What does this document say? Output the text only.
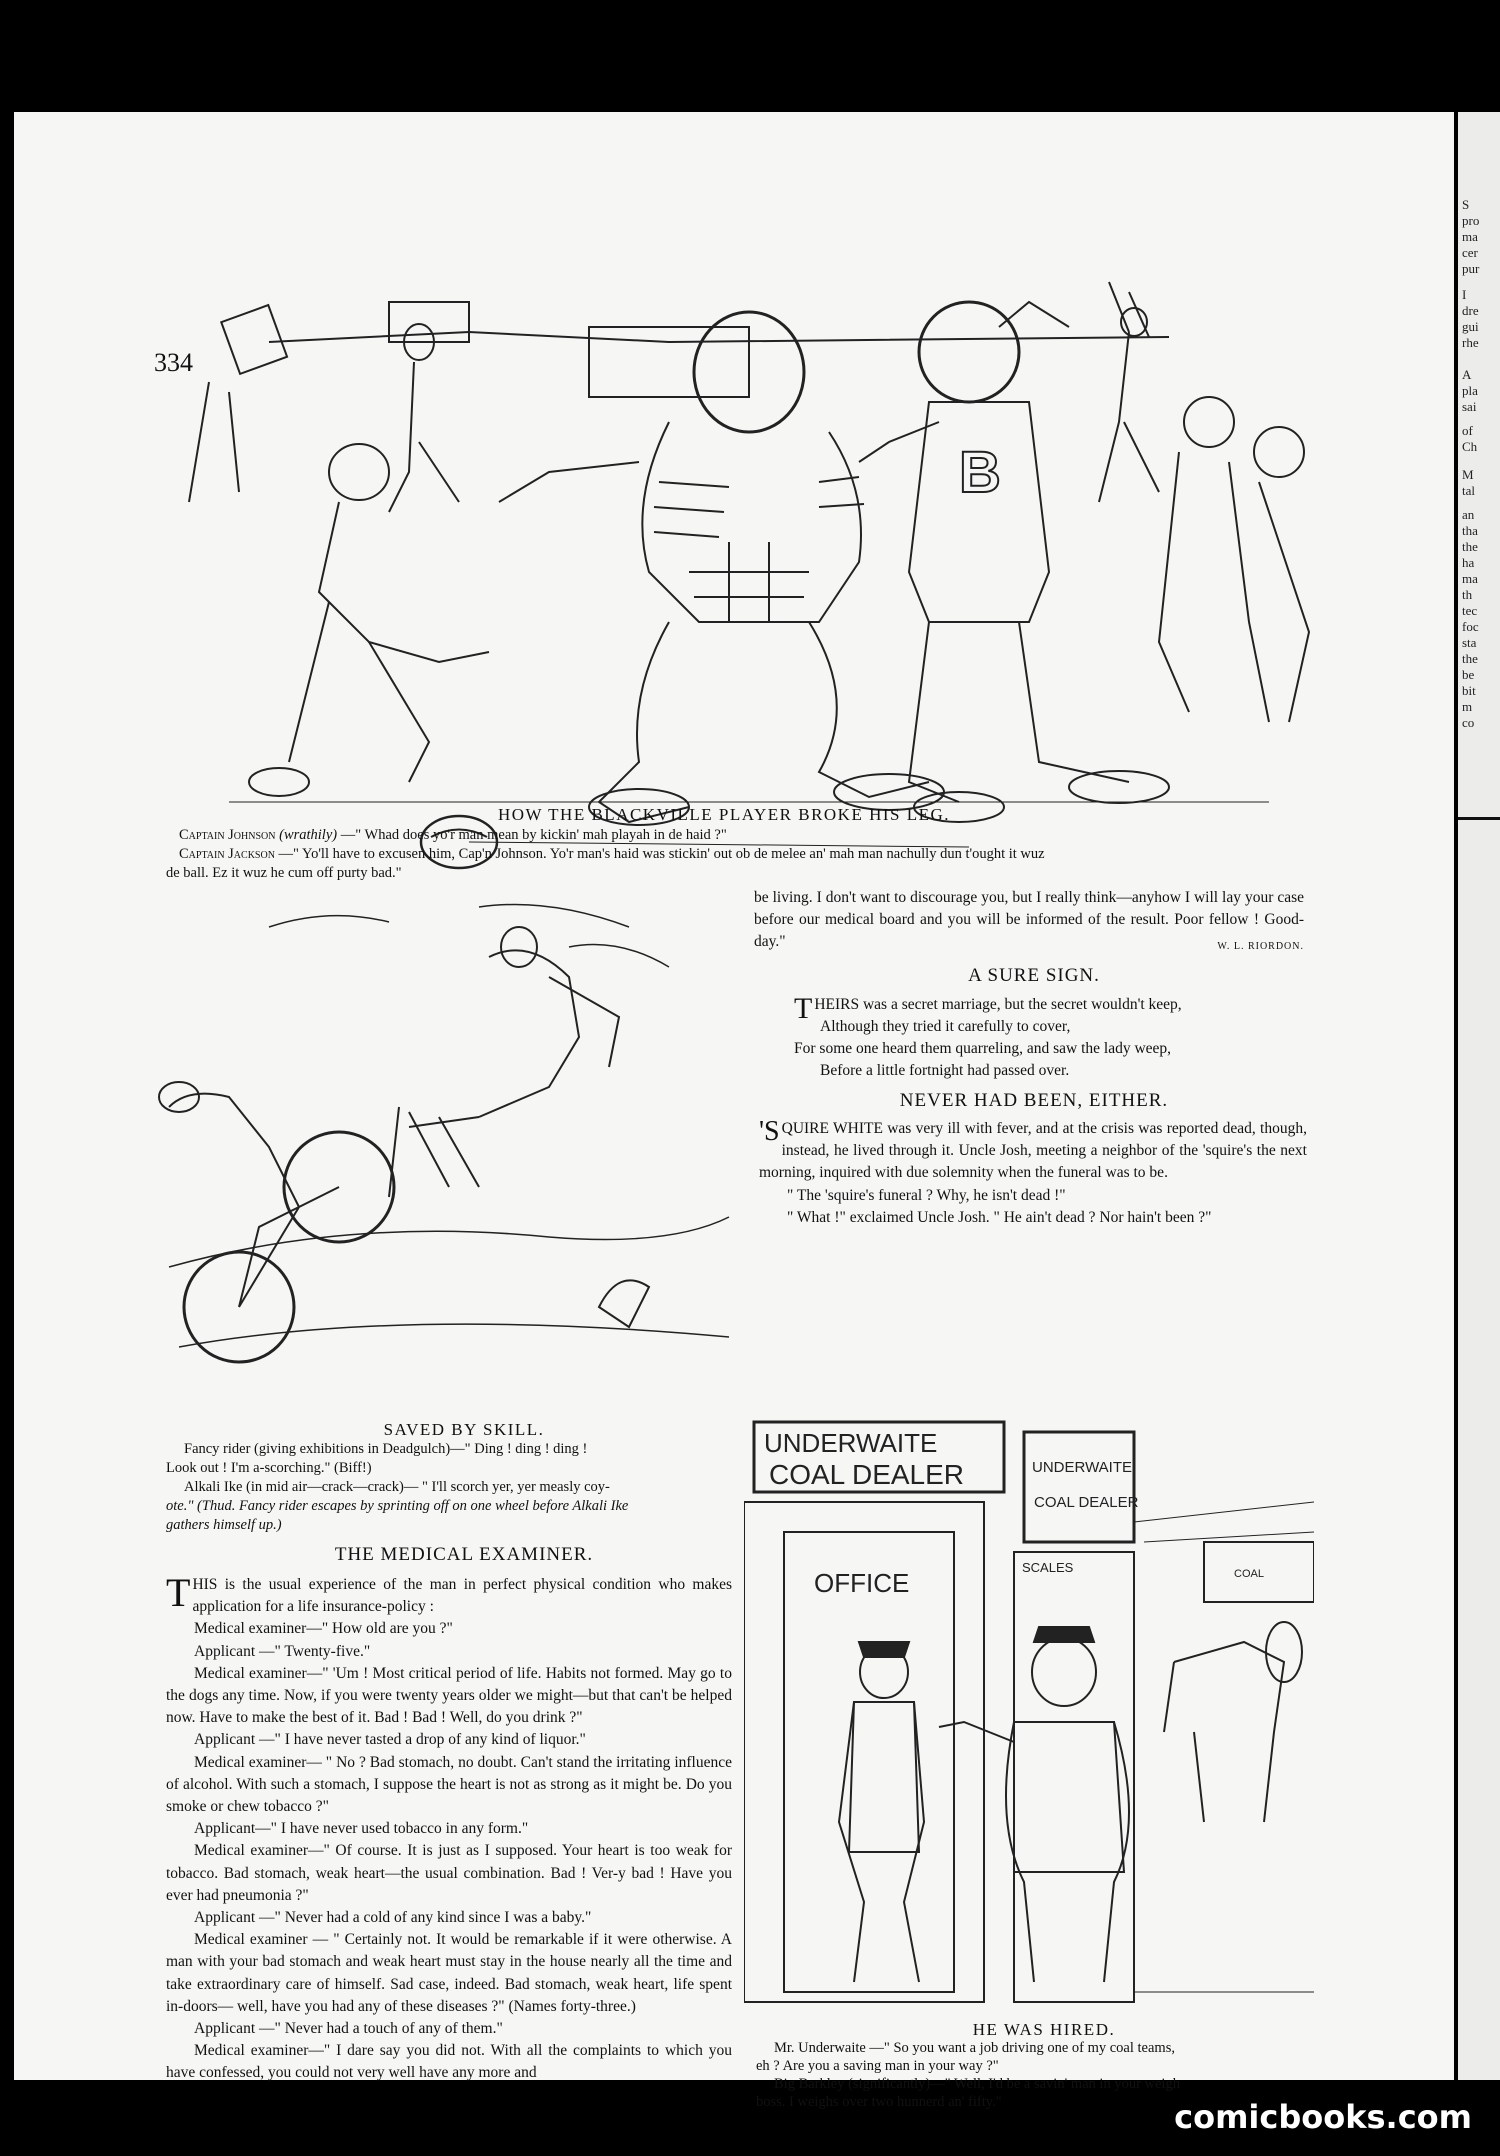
334
B
HOW THE BLACKVILLE PLAYER BROKE HIS LEG.
Captain Johnson (wrathily) —" Whad does yo'r man mean by kickin' mah playah in de haid ?"
Captain Jackson —" Yo'll have to excusen him, Cap'n Johnson. Yo'r man's haid was stickin' out ob de melee an' mah man nachully dun t'ought it wuz
de ball. Ez it wuz he cum off purty bad."
SAVED BY SKILL.
Fancy rider (giving exhibitions in Deadgulch)—" Ding ! ding ! ding !
Look out ! I'm a-scorching." (Biff!)
Alkali Ike (in mid air—crack—crack)— " I'll scorch yer, yer measly coy-
ote." (Thud. Fancy rider escapes by sprinting off on one wheel before Alkali Ike
gathers himself up.)
THE MEDICAL EXAMINER.

THIS is the usual experience of the man in perfect physical condition who makes application for a life insurance-policy :

Medical examiner—" How old are you ?"

Applicant —" Twenty-five."

Medical examiner—" 'Um ! Most critical period of life. Habits not formed. May go to the dogs any time. Now, if you were twenty years older we might—but that can't be helped now. Have to make the best of it. Bad ! Bad ! Well, do you drink ?"

Applicant —" I have never tasted a drop of any kind of liquor."

Medical examiner— " No ? Bad stomach, no doubt. Can't stand the irritating influence of alcohol. With such a stomach, I suppose the heart is not as strong as it might be. Do you smoke or chew tobacco ?"

Applicant—" I have never used tobacco in any form."

Medical examiner—" Of course. It is just as I supposed. Your heart is too weak for tobacco. Bad stomach, weak heart—the usual combination. Bad ! Ver-y bad ! Have you ever had pneumonia ?"

Applicant —" Never had a cold of any kind since I was a baby."

Medical examiner — " Certainly not. It would be remarkable if it were otherwise. A man with your bad stomach and weak heart must stay in the house nearly all the time and take extraordinary care of himself. Sad case, indeed. Bad stomach, weak heart, life spent in-doors— well, have you had any of these diseases ?" (Names forty-three.)

Applicant —" Never had a touch of any of them."

Medical examiner—" I dare say you did not. With all the complaints to which you have confessed, you could not very well have any more and

be living. I don't want to discourage you, but I really think—anyhow I will lay your case before our medical board and you will be informed of the result. Poor fellow ! Good-day."	W. L. RIORDON.

A SURE SIGN.
THEIRS was a secret marriage, but the secret wouldn't keep,
Although they tried it carefully to cover,
For some one heard them quarreling, and saw the lady weep,
Before a little fortnight had passed over.
NEVER HAD BEEN, EITHER.

'SQUIRE WHITE was very ill with fever, and at the crisis was reported dead, though, instead, he lived through it. Uncle Josh, meeting a neighbor of the 'squire's the next morning, inquired with due solemnity when the funeral was to be.

" The 'squire's funeral ? Why, he isn't dead !"

" What !" exclaimed Uncle Josh. " He ain't dead ? Nor hain't been ?"

UNDERWAITE
COAL DEALER	UNDERWAITE
COAL DEALER
SCALES
OFFICE	COAL
HE WAS HIRED.
Mr. Underwaite —" So you want a job driving one of my coal teams,
eh ? Are you a saving man in your way ?"
Big Barkley (significantly)—" Well, I'd be a savin' man in your weigh
boss. I weighs over two hunnerd an' fifty."
S
pro
ma
cer
pur
I
dre
gui
rhe
A
pla
sai
of
Ch
M
tal
an
tha
the
ha
ma
th
tec
foc
sta
the
be
bit
m
co
comicbooks.com
